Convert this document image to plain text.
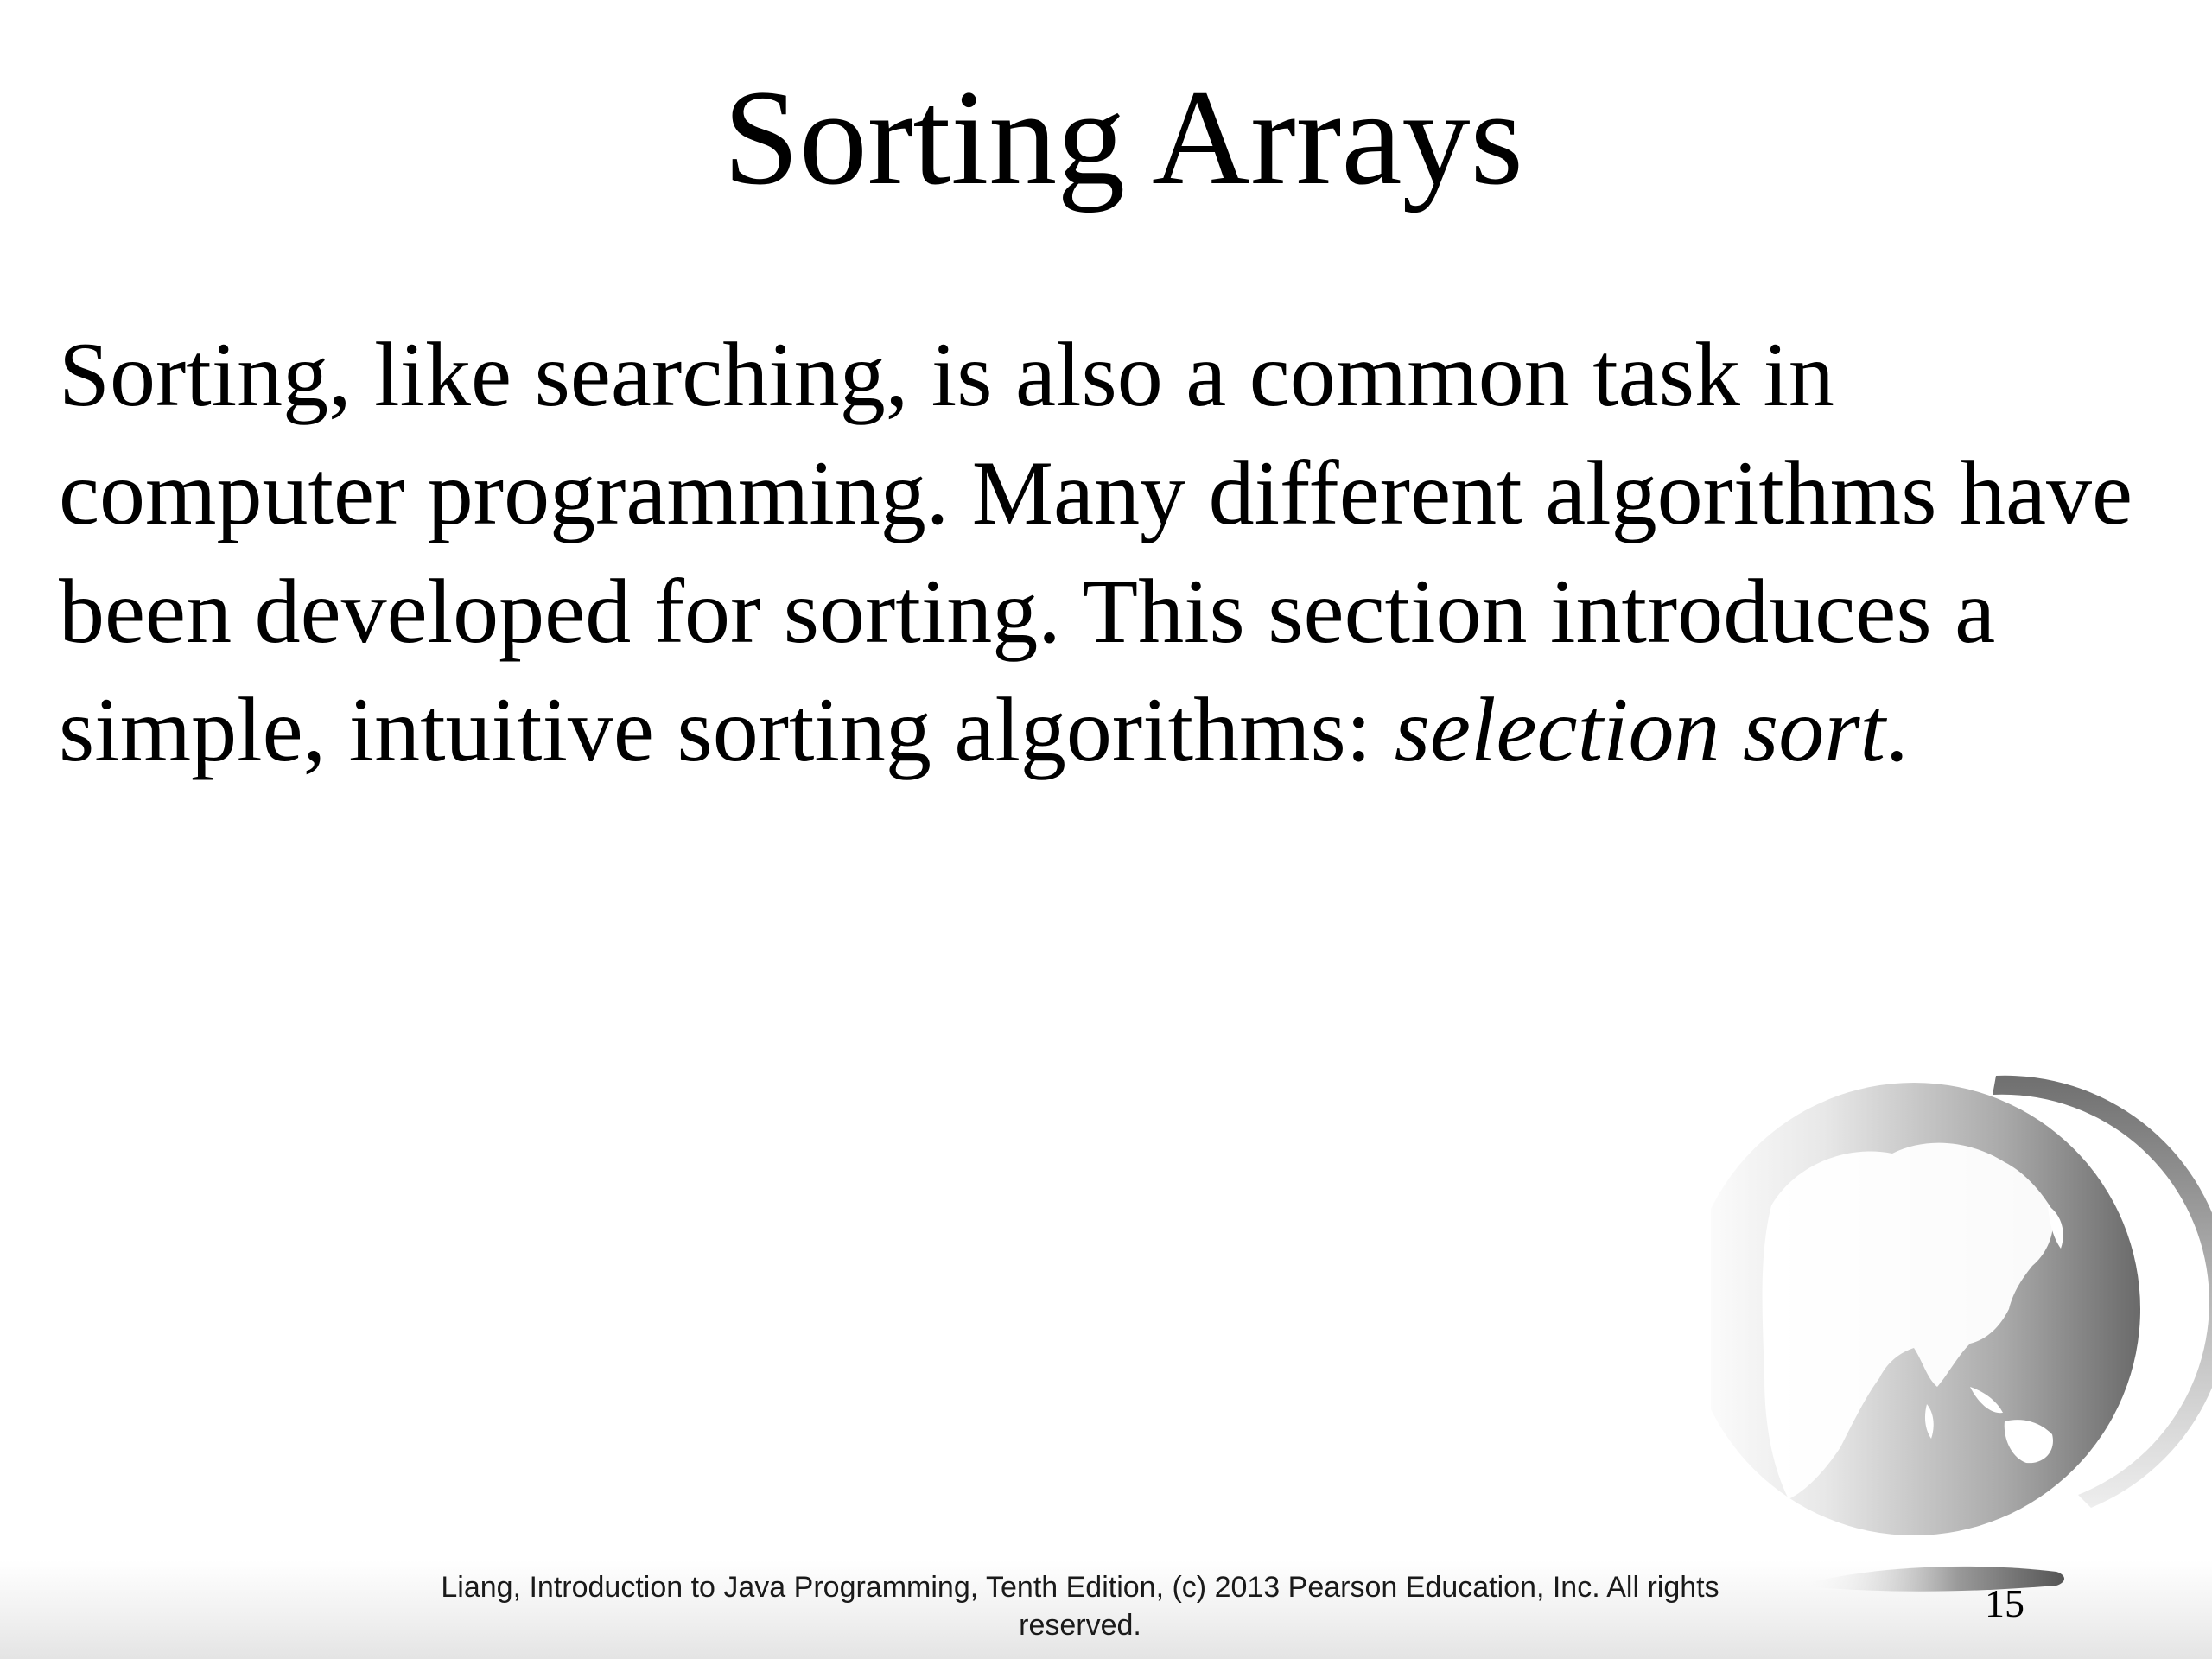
Sorting Arrays

Sorting, like searching, is also a common task in computer programming. Many different algorithms have been developed for sorting. This section introduces a simple, intuitive sorting algorithms: selection sort.

Liang, Introduction to Java Programming, Tenth Edition, (c) 2013 Pearson Education, Inc. All rights reserved.	15
